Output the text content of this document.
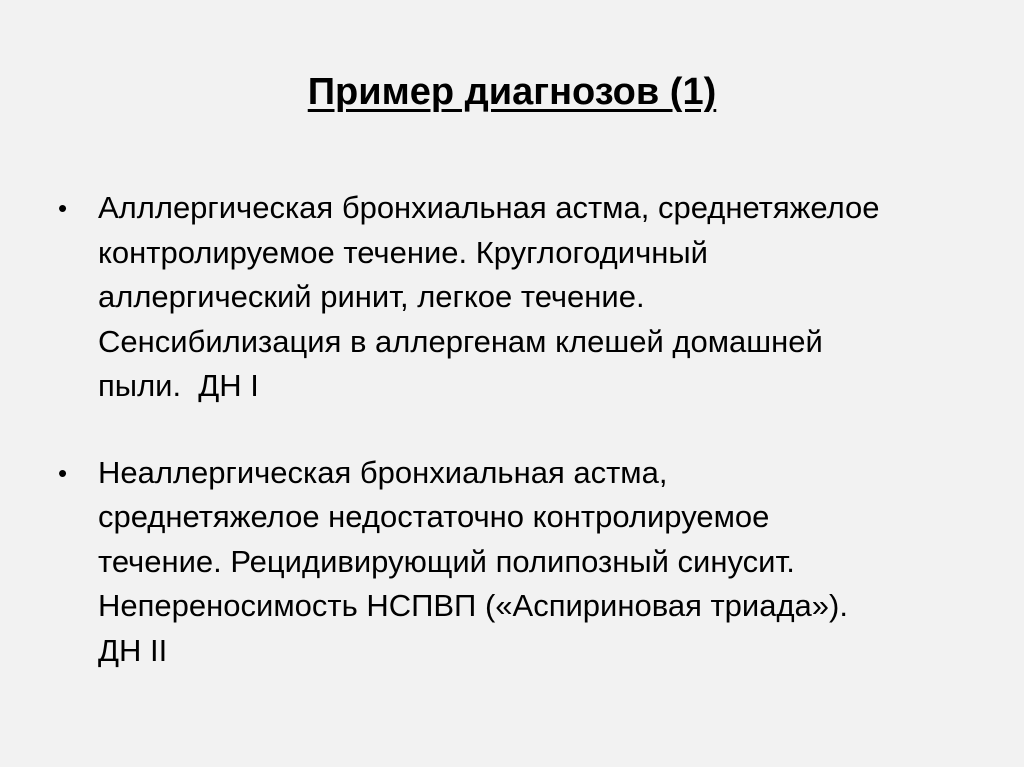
Пример диагнозов (1)
• Алллергическая бронхиальная астма, среднетяжелое
контролируемое течение. Круглогодичный
аллергический ринит, легкое течение.
Сенсибилизация в аллергенам клешей домашней
пыли.  ДН I
• Неаллергическая бронхиальная астма,
среднетяжелое недостаточно контролируемое
течение. Рецидивирующий полипозный синусит.
Непереносимость НСПВП («Аспириновая триада»).
ДН II
